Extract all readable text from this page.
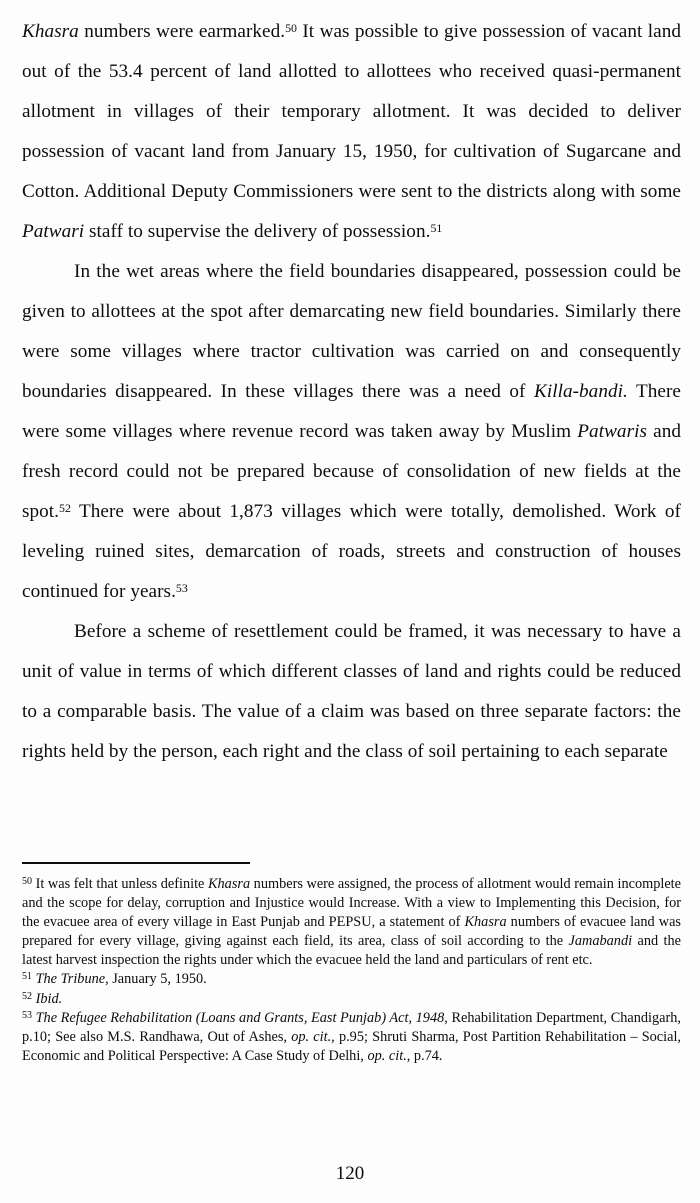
Khasra numbers were earmarked.$^{50}$ It was possible to give possession of vacant land out of the 53.4 percent of land allotted to allottees who received quasi-permanent allotment in villages of their temporary allotment. It was decided to deliver possession of vacant land from January 15, 1950, for cultivation of Sugarcane and Cotton. Additional Deputy Commissioners were sent to the districts along with some Patwari staff to supervise the delivery of possession.$^{51}$

In the wet areas where the field boundaries disappeared, possession could be given to allottees at the spot after demarcating new field boundaries. Similarly there were some villages where tractor cultivation was carried on and consequently boundaries disappeared. In these villages there was a need of Killa-bandi. There were some villages where revenue record was taken away by Muslim Patwaris and fresh record could not be prepared because of consolidation of new fields at the spot.$^{52}$ There were about 1,873 villages which were totally, demolished. Work of leveling ruined sites, demarcation of roads, streets and construction of houses continued for years.$^{53}$

Before a scheme of resettlement could be framed, it was necessary to have a unit of value in terms of which different classes of land and rights could be reduced to a comparable basis. The value of a claim was based on three separate factors: the rights held by the person, each right and the class of soil pertaining to each separate

$^{50}$ It was felt that unless definite Khasra numbers were assigned, the process of allotment would remain incomplete and the scope for delay, corruption and Injustice would Increase. With a view to Implementing this Decision, for the evacuee area of every village in East Punjab and PEPSU, a statement of Khasra numbers of evacuee land was prepared for every village, giving against each field, its area, class of soil according to the Jamabandi and the latest harvest inspection the rights under which the evacuee held the land and particulars of rent etc.

$^{51}$ The Tribune, January 5, 1950.

$^{52}$ Ibid.

$^{53}$ The Refugee Rehabilitation (Loans and Grants, East Punjab) Act, 1948, Rehabilitation Department, Chandigarh, p.10; See also M.S. Randhawa, Out of Ashes, op. cit., p.95; Shruti Sharma, Post Partition Rehabilitation – Social, Economic and Political Perspective: A Case Study of Delhi, op. cit., p.74.

120
